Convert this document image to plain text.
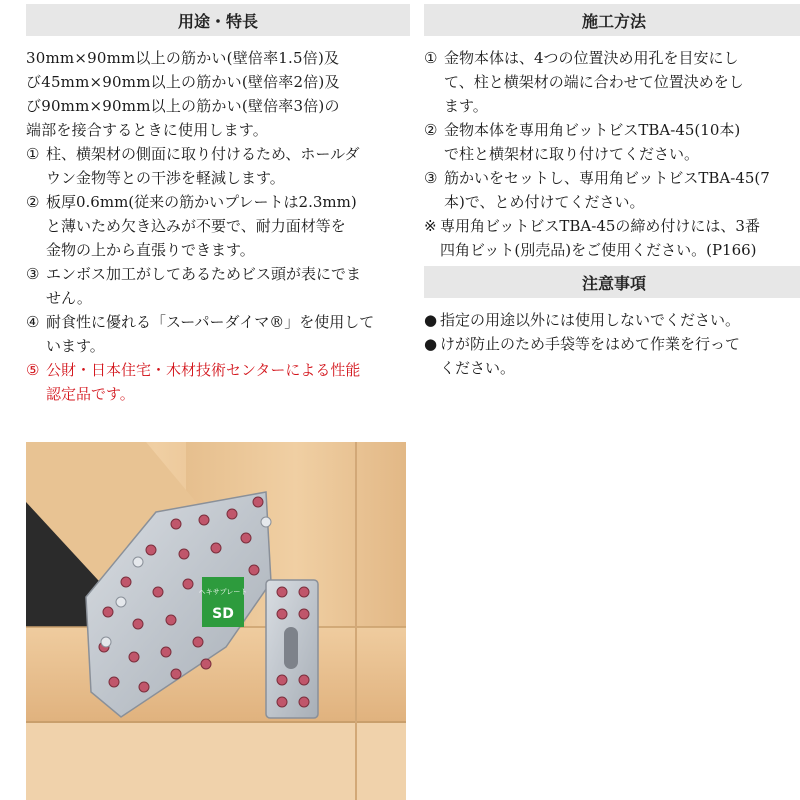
用途・特長
30mm×90mm以上の筋かい(壁倍率1.5倍)及
び45mm×90mm以上の筋かい(壁倍率2倍)及
び90mm×90mm以上の筋かい(壁倍率3倍)の
端部を接合するときに使用します。
① 柱、横架材の側面に取り付けるため、ホールダ
ウン金物等との干渉を軽減します。
② 板厚0.6mm(従来の筋かいプレートは2.3mm)
と薄いため欠き込みが不要で、耐力面材等を
金物の上から直張りできます。
③ エンボス加工がしてあるためビス頭が表にでま
せん。
④ 耐食性に優れる「スーパーダイマ®」を使用して
います。
⑤ 公財・日本住宅・木材技術センターによる性能
認定品です。
ヘキサプレート
SD
施工方法
① 金物本体は、4つの位置決め用孔を目安にし
て、柱と横架材の端に合わせて位置決めをし
ます。
② 金物本体を専用角ビットビスTBA-45(10本)
で柱と横架材に取り付けてください。
③ 筋かいをセットし、専用角ビットビスTBA-45(7
本)で、とめ付けてください。
※ 専用角ビットビスTBA-45の締め付けには、3番
四角ビット(別売品)をご使用ください。(P166)
注意事項
● 指定の用途以外には使用しないでください。
● けが防止のため手袋等をはめて作業を行って
ください。
